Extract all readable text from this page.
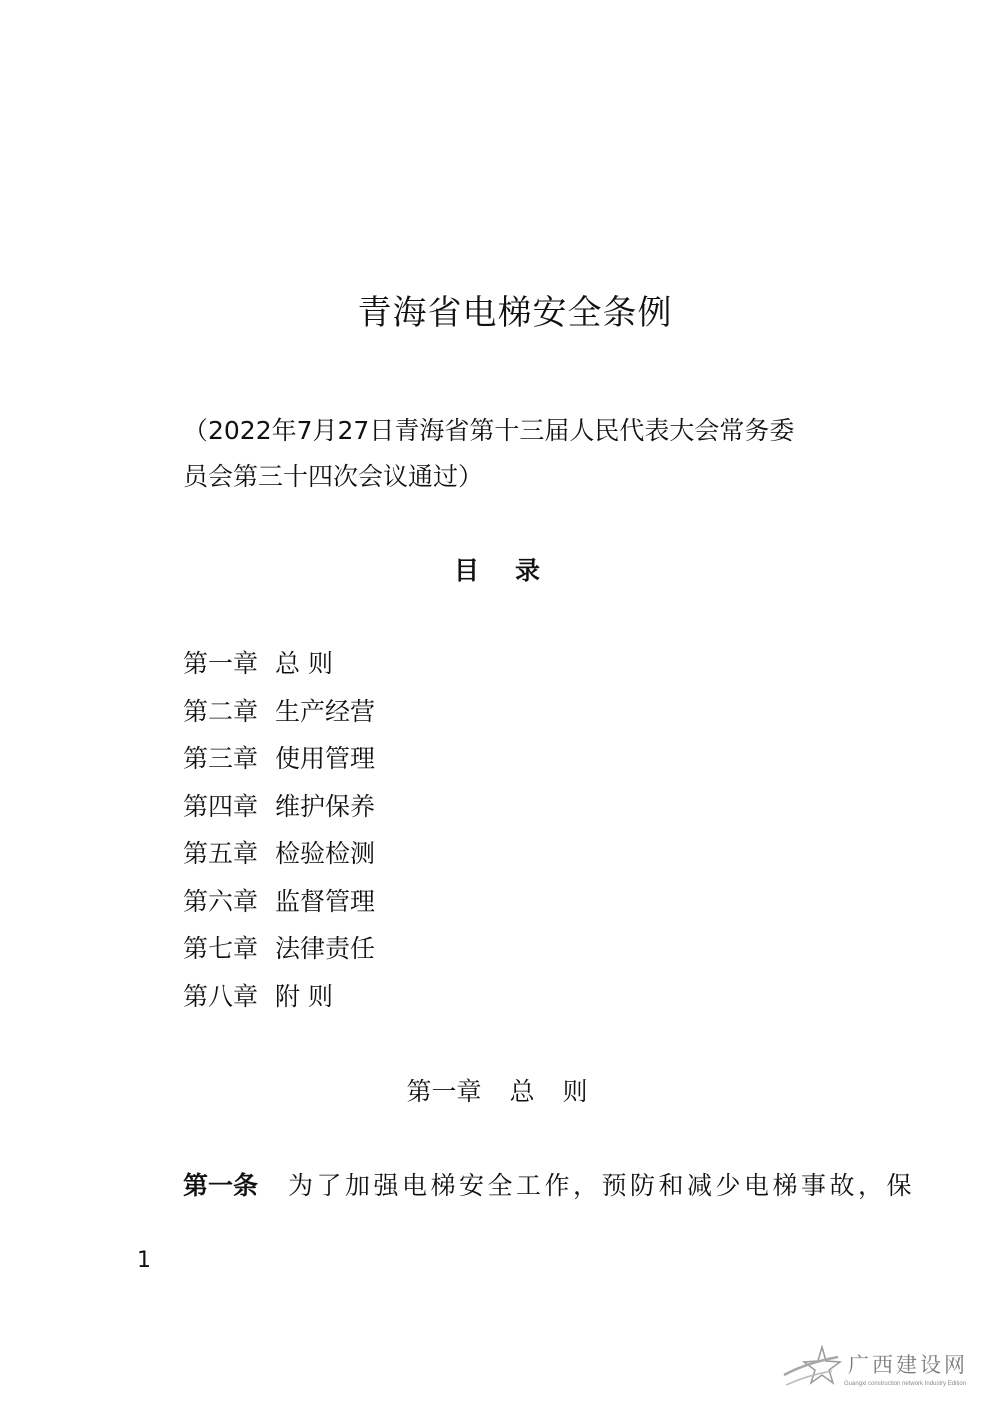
青海省电梯安全条例
（2022年7月27日青海省第十三届人民代表大会常务委
员会第三十四次会议通过）
目 录
第一章 总 则
第二章 生产经营
第三章 使用管理
第四章 维护保养
第五章 检验检测
第六章 监督管理
第七章 法律责任
第八章 附 则
第一章 总 则
第一条 为了加强电梯安全工作，预防和减少电梯事故，保
1
广西建设网
Guangxi construction network Industry Edition
